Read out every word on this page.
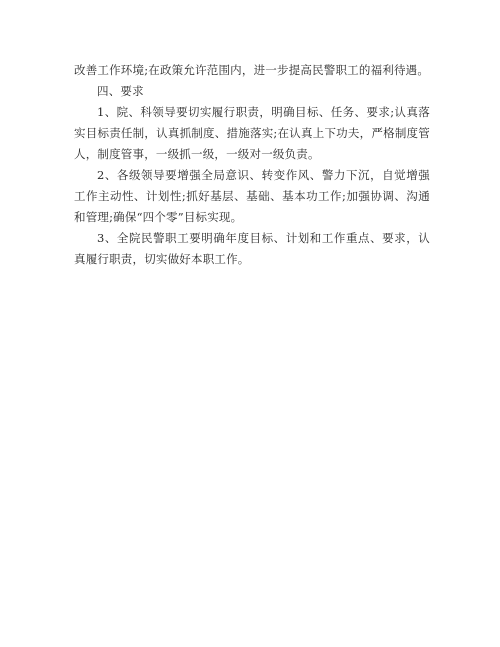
改善工作环境;在政策允许范围内，进一步提高民警职工的福利待遇。

四、要求

1、院、科领导要切实履行职责，明确目标、任务、要求;认真落实目标责任制，认真抓制度、措施落实;在认真上下功夫，严格制度管人，制度管事，一级抓一级，一级对一级负责。

2、各级领导要增强全局意识、转变作风、警力下沉，自觉增强工作主动性、计划性;抓好基层、基础、基本功工作;加强协调、沟通和管理;确保“四个零”目标实现。

3、全院民警职工要明确年度目标、计划和工作重点、要求，认真履行职责，切实做好本职工作。
